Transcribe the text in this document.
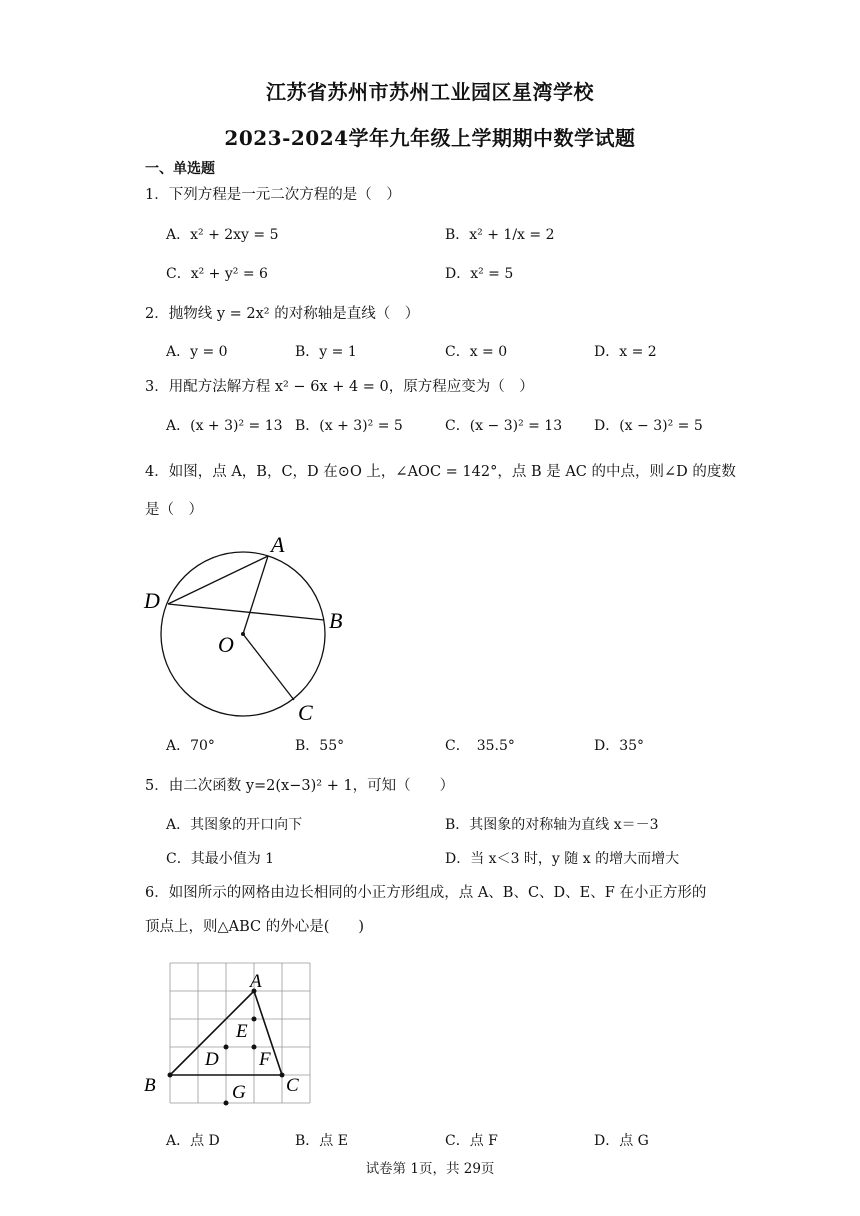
江苏省苏州市苏州工业园区星湾学校
2023-2024学年九年级上学期期中数学试题
一、单选题
1．下列方程是一元二次方程的是（　）
A．x² + 2xy = 5	B．x² + 1/x = 2
C．x² + y² = 6	D．x² = 5
2．抛物线 y = 2x² 的对称轴是直线（　）
A．y = 0	B．y = 1	C．x = 0	D．x = 2
3．用配方法解方程 x² − 6x + 4 = 0，原方程应变为（　）
A．(x + 3)² = 13 B．(x + 3)² = 5	C．(x − 3)² = 13 D．(x − 3)² = 5
4．如图，点 A，B，C，D 在⊙O 上，∠AOC = 142°，点 B 是 AC 的中点，则∠D 的度数
是（　）
A
B
C
D
O
A．70°	B．55°	C．　35.5°	D．35°
5．由二次函数 y=2(x−3)² + 1，可知（　　）
A．其图象的开口向下	B．其图象的对称轴为直线 x＝－3
C．其最小值为 1	D．当 x＜3 时，y 随 x 的增大而增大
6．如图所示的网格由边长相同的小正方形组成，点 A、B、C、D、E、F 在小正方形的
顶点上，则△ABC 的外心是(　　)
A
B	C
D
E
F
G
A．点 D	B．点 E	C．点 F	D．点 G
试卷第 1页，共 29页
